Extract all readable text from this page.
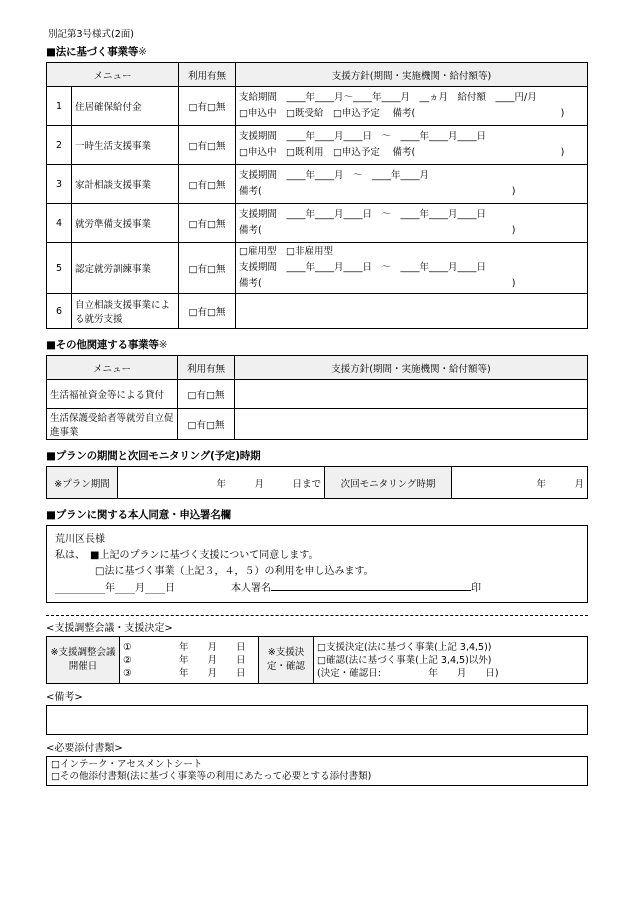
別記第3号様式(2面)
■法に基づく事業等※
メニュー		利用有無	支援方針(期間・実施機関・給付額等)
1	住居確保給付金	□有□無	支給期間　____年____月～____年____月　__ヵ月　給付額　____円/月
□申込中　□既受給　□申込予定　 備考(　　　　　　　　　　　　　　　 )
2	一時生活支援事業	□有□無	支援期間　____年____月____日　～　____年____月____日
□申込中　□既利用　□申込予定　 備考(　　　　　　　　　　　　　　　 )
3	家計相談支援事業	□有□無	支援期間　____年____月　～　____年____月
備考(　　　　　　　　　　　　　　　　　　　　　　　　　　 )
4	就労準備支援事業	□有□無	支援期間　____年____月____日　～　____年____月____日
備考(　　　　　　　　　　　　　　　　　　　　　　　　　　 )
5	認定就労訓練事業	□有□無	□雇用型　□非雇用型
支援期間　____年____月____日　～　____年____月____日
備考(　　　　　　　　　　　　　　　　　　　　　　　　　　 )
6	自立相談支援事業による就労支援	□有□無	
■その他関連する事業等※
メニュー	利用有無	支援方針(期間・実施機関・給付額等)
生活福祉資金等による貸付	□有□無	
生活保護受給者等就労自立促進事業	□有□無	
■プランの期間と次回モニタリング(予定)時期
※プラン期間	年　　　月　　　日まで	次回モニタリング時期	年　　　月
■プランに関する本人同意・申込署名欄
荒川区長様
私は、　■上記のプランに基づく支援について同意します。
　　　　□法に基づく事業（上記３，４，５）の利用を申し込みます。
__________年____月____日	本人署名	印
<支援調整会議・支援決定>
※支援調整会議開催日	①　　　　　年　　月　　日
②　　　　　年　　月　　日
③　　　　　年　　月　　日	※支援決定・確認	□支援決定(法に基づく事業(上記 3,4,5))
□確認(法に基づく事業(上記 3,4,5)以外)
(決定・確認日:　　　　　年　　月　　日)
<備考>
<必要添付書類>
□インテーク・アセスメントシート
□その他添付書類(法に基づく事業等の利用にあたって必要とする添付書類)
